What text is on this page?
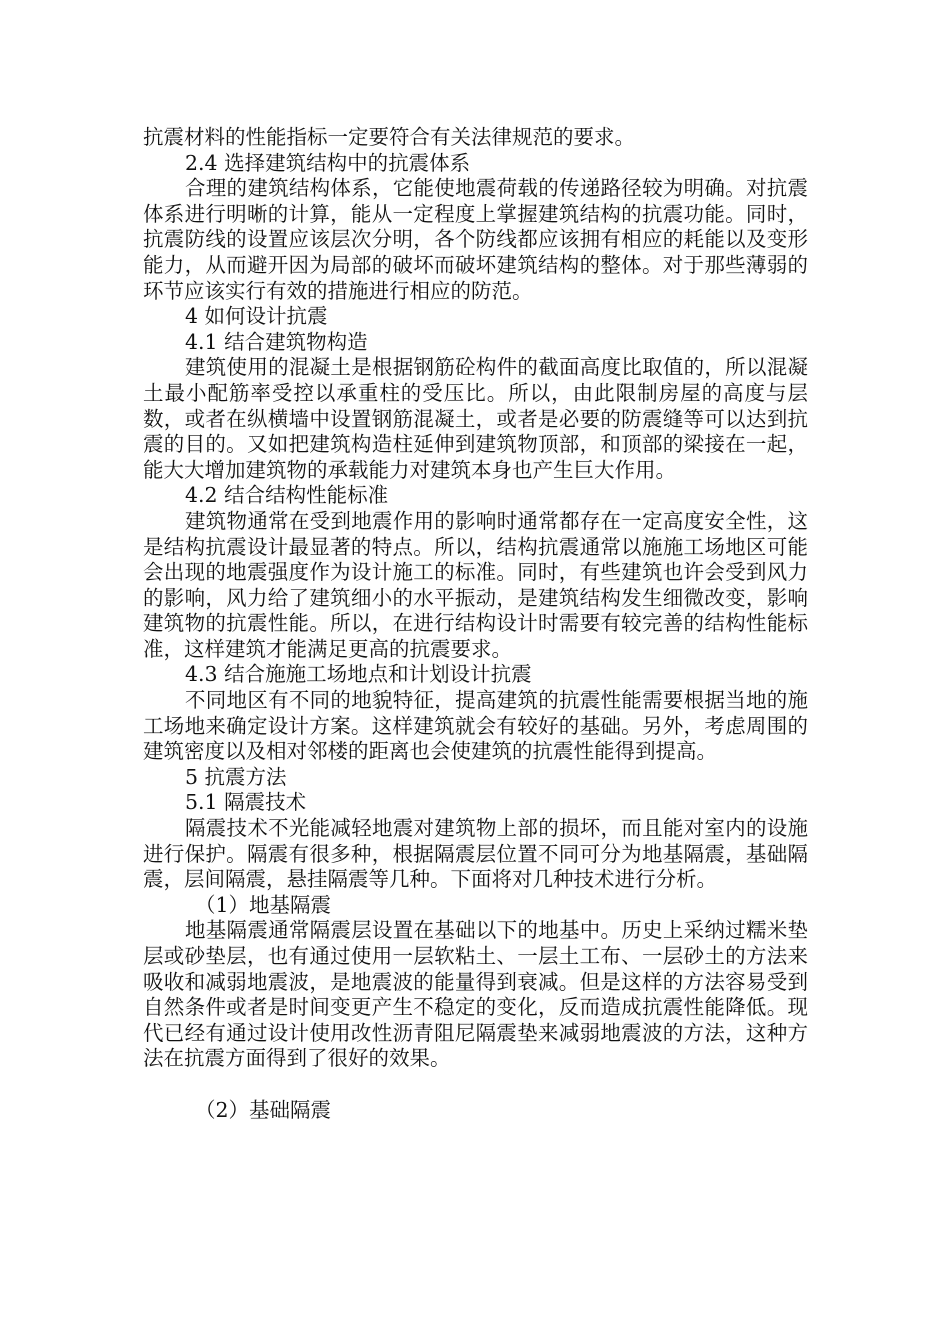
抗震材料的性能指标一定要符合有关法律规范的要求。

2.4 选择建筑结构中的抗震体系

合理的建筑结构体系，它能使地震荷载的传递路径较为明确。对抗震体系进行明晰的计算，能从一定程度上掌握建筑结构的抗震功能。同时，抗震防线的设置应该层次分明，各个防线都应该拥有相应的耗能以及变形能力，从而避开因为局部的破坏而破坏建筑结构的整体。对于那些薄弱的环节应该实行有效的措施进行相应的防范。

4 如何设计抗震

4.1 结合建筑物构造

建筑使用的混凝土是根据钢筋砼构件的截面高度比取值的，所以混凝土最小配筋率受控以承重柱的受压比。所以，由此限制房屋的高度与层数，或者在纵横墙中设置钢筋混凝土，或者是必要的防震缝等可以达到抗震的目的。又如把建筑构造柱延伸到建筑物顶部，和顶部的梁接在一起，能大大增加建筑物的承载能力对建筑本身也产生巨大作用。

4.2 结合结构性能标准

建筑物通常在受到地震作用的影响时通常都存在一定高度安全性，这是结构抗震设计最显著的特点。所以，结构抗震通常以施施工场地区可能会出现的地震强度作为设计施工的标准。同时，有些建筑也许会受到风力的影响，风力给了建筑细小的水平振动，是建筑结构发生细微改变，影响建筑物的抗震性能。所以，在进行结构设计时需要有较完善的结构性能标准，这样建筑才能满足更高的抗震要求。

4.3 结合施施工场地点和计划设计抗震

不同地区有不同的地貌特征，提高建筑的抗震性能需要根据当地的施工场地来确定设计方案。这样建筑就会有较好的基础。另外，考虑周围的建筑密度以及相对邻楼的距离也会使建筑的抗震性能得到提高。

5 抗震方法

5.1 隔震技术

隔震技术不光能减轻地震对建筑物上部的损坏，而且能对室内的设施进行保护。隔震有很多种，根据隔震层位置不同可分为地基隔震，基础隔震，层间隔震，悬挂隔震等几种。下面将对几种技术进行分析。

（1）地基隔震

地基隔震通常隔震层设置在基础以下的地基中。历史上采纳过糯米垫层或砂垫层，也有通过使用一层软粘土、一层土工布、一层砂土的方法来吸收和减弱地震波，是地震波的能量得到衰减。但是这样的方法容易受到自然条件或者是时间变更产生不稳定的变化，反而造成抗震性能降低。现代已经有通过设计使用改性沥青阻尼隔震垫来减弱地震波的方法，这种方法在抗震方面得到了很好的效果。

（2）基础隔震
